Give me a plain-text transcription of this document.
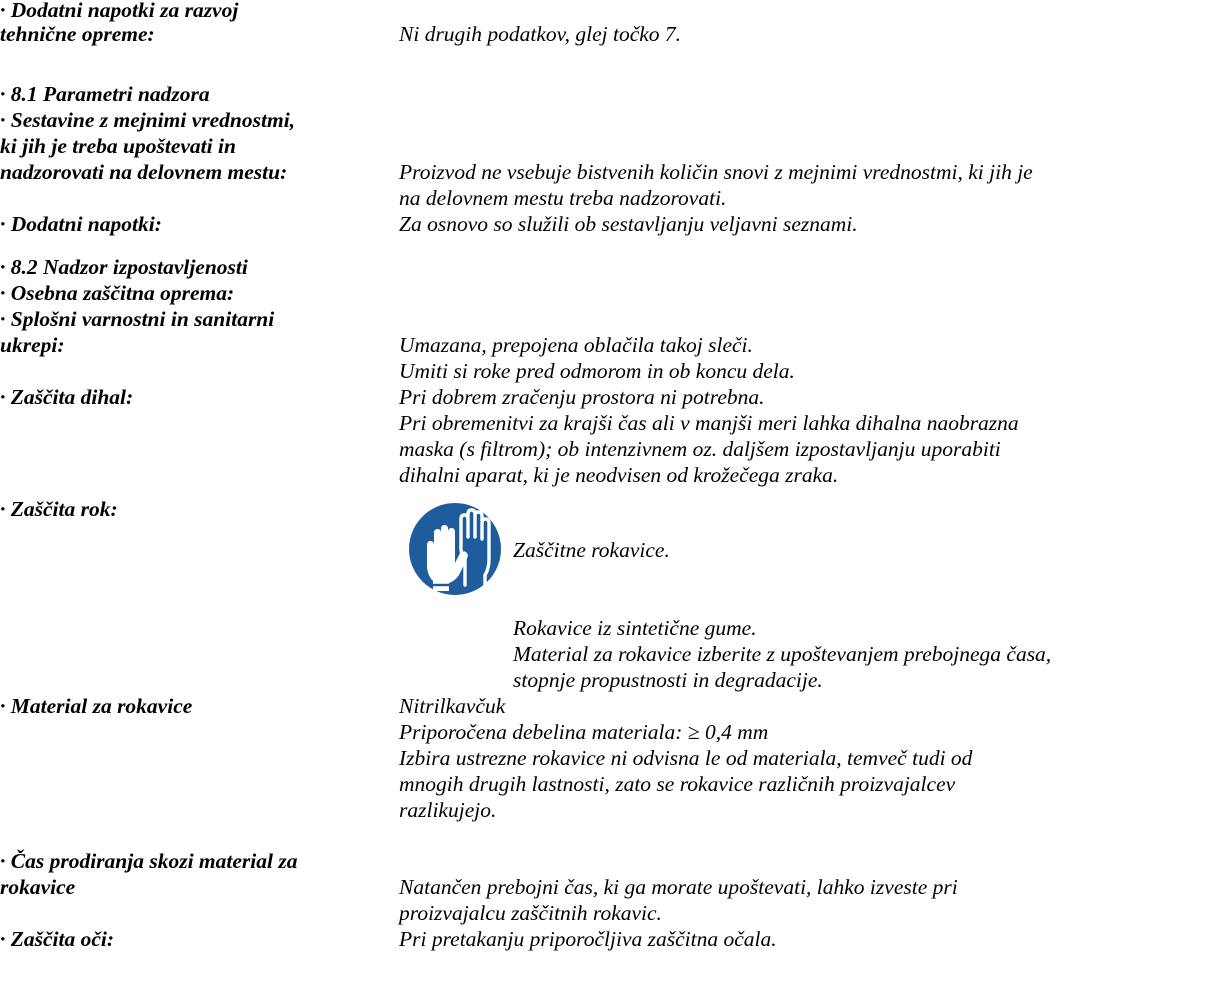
· Dodatni napotki za razvoj
tehnične opreme:	Ni drugih podatkov, glej točko 7.
· 8.1 Parametri nadzora
· Sestavine z mejnimi vrednostmi,
ki jih je treba upoštevati in
nadzorovati na delovnem mestu:	Proizvod ne vsebuje bistvenih količin snovi z mejnimi vrednostmi, ki jih je
na delovnem mestu treba nadzorovati.
· Dodatni napotki:	Za osnovo so služili ob sestavljanju veljavni seznami.
· 8.2 Nadzor izpostavljenosti
· Osebna zaščitna oprema:
· Splošni varnostni in sanitarni
ukrepi:	Umazana, prepojena oblačila takoj sleči.
Umiti si roke pred odmorom in ob koncu dela.
· Zaščita dihal:	Pri dobrem zračenju prostora ni potrebna.
Pri obremenitvi za krajši čas ali v manjši meri lahka dihalna naobrazna
maska (s filtrom); ob intenzivnem oz. daljšem izpostavljanju uporabiti
dihalni aparat, ki je neodvisen od krožečega zraka.
· Zaščita rok:
Zaščitne rokavice.
Rokavice iz sintetične gume.
Material za rokavice izberite z upoštevanjem prebojnega časa,
stopnje propustnosti in degradacije.
· Material za rokavice	Nitrilkavčuk
Priporočena debelina materiala: ≥ 0,4 mm
Izbira ustrezne rokavice ni odvisna le od materiala, temveč tudi od
mnogih drugih lastnosti, zato se rokavice različnih proizvajalcev
razlikujejo.
· Čas prodiranja skozi material za
rokavice	Natančen prebojni čas, ki ga morate upoštevati, lahko izveste pri
proizvajalcu zaščitnih rokavic.
· Zaščita oči:	Pri pretakanju priporočljiva zaščitna očala.
